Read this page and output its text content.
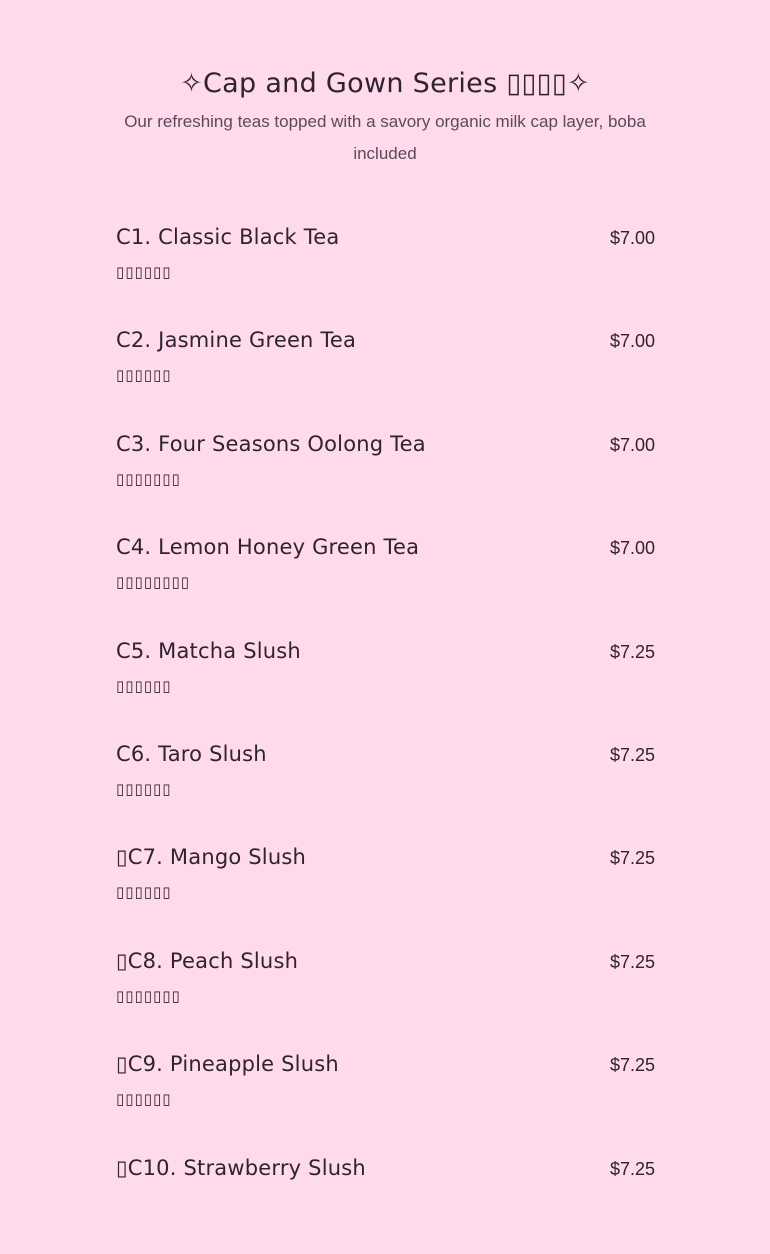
✧Cap and Gown Series ▯▯▯▯✧
Our refreshing teas topped with a savory organic milk cap layer, boba included
C1. Classic Black Tea	$7.00
▯▯▯▯▯▯
C2. Jasmine Green Tea	$7.00
▯▯▯▯▯▯
C3. Four Seasons Oolong Tea	$7.00
▯▯▯▯▯▯▯
C4. Lemon Honey Green Tea	$7.00
▯▯▯▯▯▯▯▯
C5. Matcha Slush	$7.25
▯▯▯▯▯▯
C6. Taro Slush	$7.25
▯▯▯▯▯▯
▯C7. Mango Slush	$7.25
▯▯▯▯▯▯
▯C8. Peach Slush	$7.25
▯▯▯▯▯▯▯
▯C9. Pineapple Slush	$7.25
▯▯▯▯▯▯
▯C10. Strawberry Slush	$7.25
